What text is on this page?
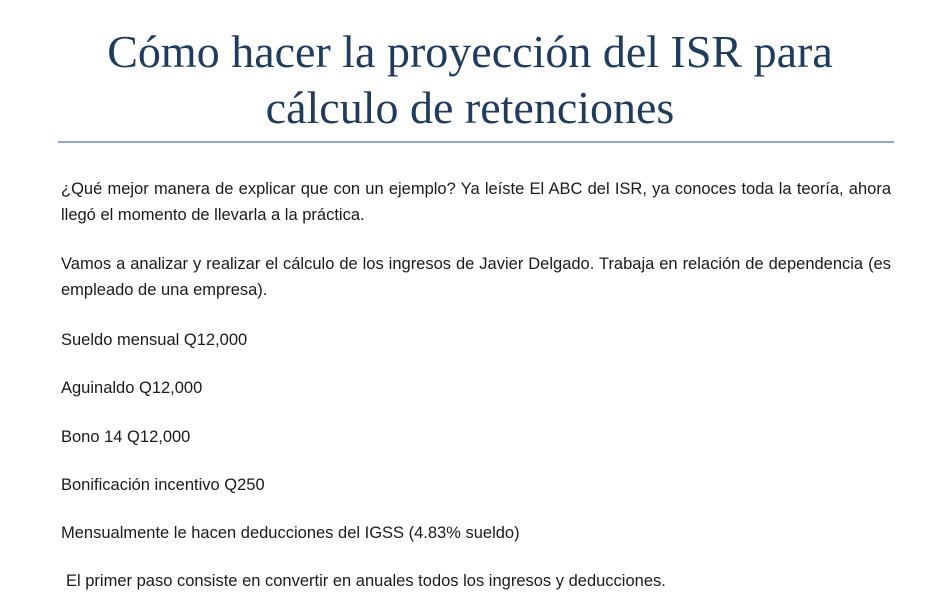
Cómo hacer la proyección del ISR para cálculo de retenciones

¿Qué mejor manera de explicar que con un ejemplo? Ya leíste El ABC del ISR, ya conoces toda la teoría, ahora llegó el momento de llevarla a la práctica.

Vamos a analizar y realizar el cálculo de los ingresos de Javier Delgado. Trabaja en relación de dependencia (es empleado de una empresa).

Sueldo mensual Q12,000

Aguinaldo Q12,000

Bono 14 Q12,000

Bonificación incentivo Q250

Mensualmente le hacen deducciones del IGSS (4.83% sueldo)

El primer paso consiste en convertir en anuales todos los ingresos y deducciones.
